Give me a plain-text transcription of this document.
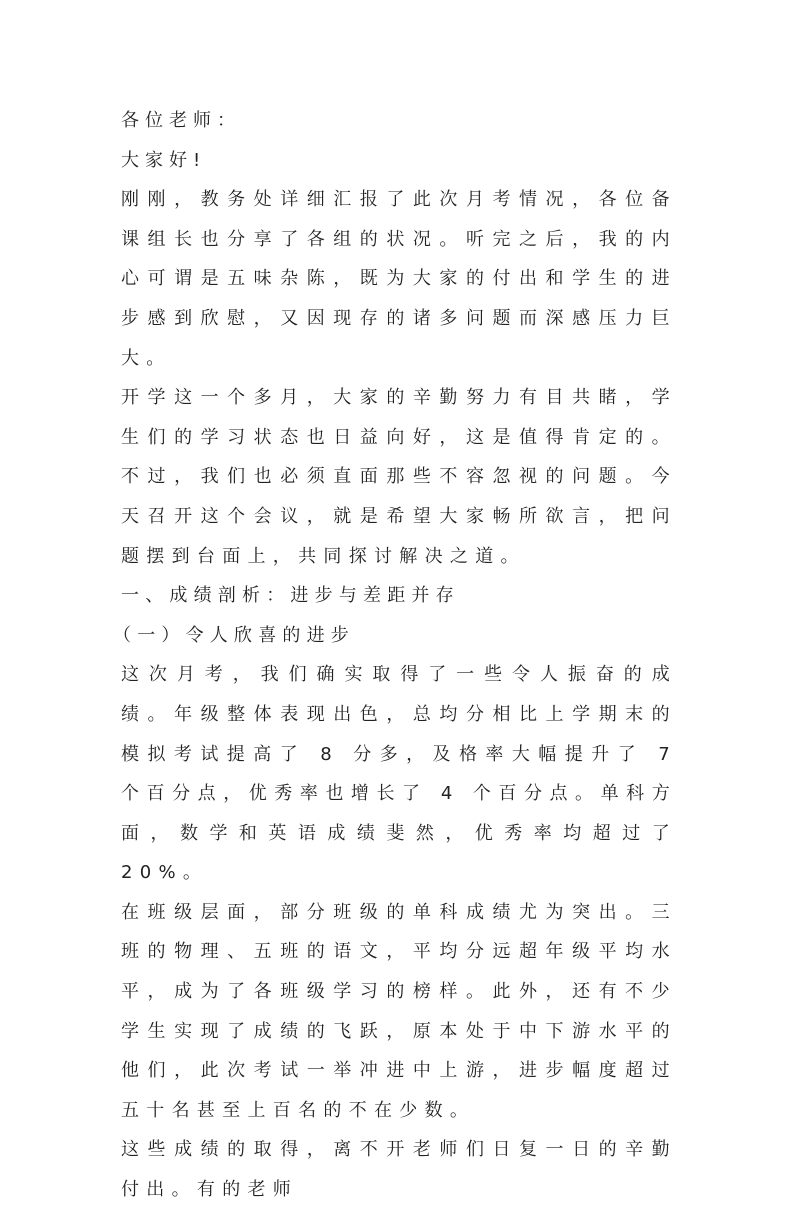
各位老师：

大家好!

刚刚，教务处详细汇报了此次月考情况，各位备课组长也分享了各组的状况。听完之后，我的内心可谓是五味杂陈，既为大家的付出和学生的进步感到欣慰，又因现存的诸多问题而深感压力巨大。

开学这一个多月，大家的辛勤努力有目共睹，学生们的学习状态也日益向好，这是值得肯定的。不过，我们也必须直面那些不容忽视的问题。今天召开这个会议，就是希望大家畅所欲言，把问题摆到台面上，共同探讨解决之道。

一、成绩剖析：进步与差距并存

（一）令人欣喜的进步

这次月考，我们确实取得了一些令人振奋的成绩。年级整体表现出色，总均分相比上学期末的模拟考试提高了 8 分多，及格率大幅提升了 7 个百分点，优秀率也增长了 4 个百分点。单科方面，数学和英语成绩斐然，优秀率均超过了 20%。

在班级层面，部分班级的单科成绩尤为突出。三班的物理、五班的语文，平均分远超年级平均水平，成为了各班级学习的榜样。此外，还有不少学生实现了成绩的飞跃，原本处于中下游水平的他们，此次考试一举冲进中上游，进步幅度超过五十名甚至上百名的不在少数。

这些成绩的取得，离不开老师们日复一日的辛勤付出。有的老师
